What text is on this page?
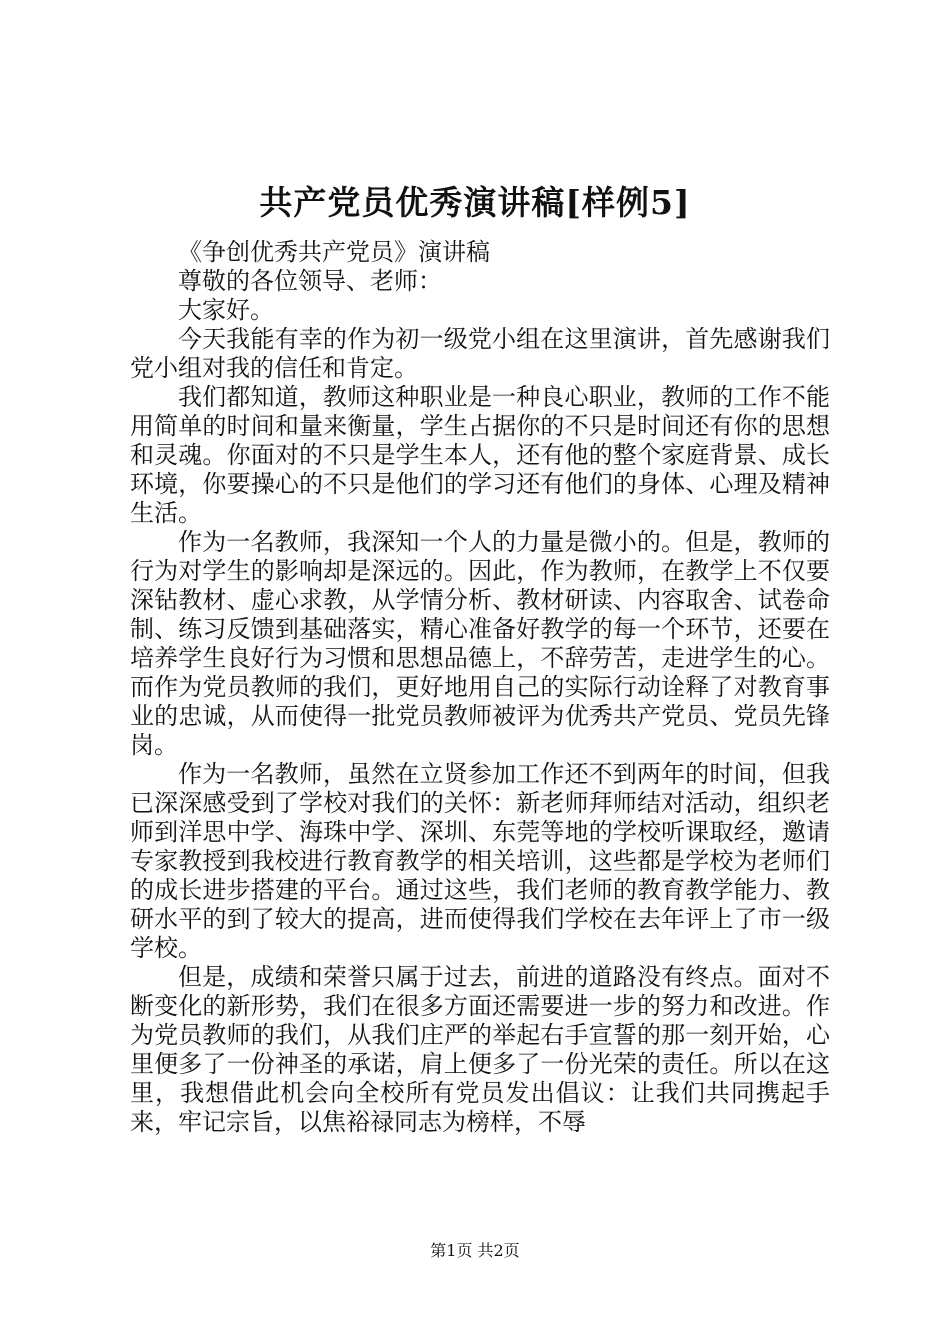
共产党员优秀演讲稿[样例5]

《争创优秀共产党员》演讲稿

尊敬的各位领导、老师：

大家好。

今天我能有幸的作为初一级党小组在这里演讲，首先感谢我们党小组对我的信任和肯定。

我们都知道，教师这种职业是一种良心职业，教师的工作不能用简单的时间和量来衡量，学生占据你的不只是时间还有你的思想和灵魂。你面对的不只是学生本人，还有他的整个家庭背景、成长环境，你要操心的不只是他们的学习还有他们的身体、心理及精神生活。

作为一名教师，我深知一个人的力量是微小的。但是，教师的行为对学生的影响却是深远的。因此，作为教师，在教学上不仅要深钻教材、虚心求教，从学情分析、教材研读、内容取舍、试卷命制、练习反馈到基础落实，精心准备好教学的每一个环节，还要在培养学生良好行为习惯和思想品德上，不辞劳苦，走进学生的心。而作为党员教师的我们，更好地用自己的实际行动诠释了对教育事业的忠诚，从而使得一批党员教师被评为优秀共产党员、党员先锋岗。

作为一名教师，虽然在立贤参加工作还不到两年的时间，但我已深深感受到了学校对我们的关怀：新老师拜师结对活动，组织老师到洋思中学、海珠中学、深圳、东莞等地的学校听课取经，邀请专家教授到我校进行教育教学的相关培训，这些都是学校为老师们的成长进步搭建的平台。通过这些，我们老师的教育教学能力、教研水平的到了较大的提高，进而使得我们学校在去年评上了市一级学校。

但是，成绩和荣誉只属于过去，前进的道路没有终点。面对不断变化的新形势，我们在很多方面还需要进一步的努力和改进。作为党员教师的我们，从我们庄严的举起右手宣誓的那一刻开始，心里便多了一份神圣的承诺，肩上便多了一份光荣的责任。所以在这里，我想借此机会向全校所有党员发出倡议：让我们共同携起手来，牢记宗旨，以焦裕禄同志为榜样，不辱

第1页 共2页
